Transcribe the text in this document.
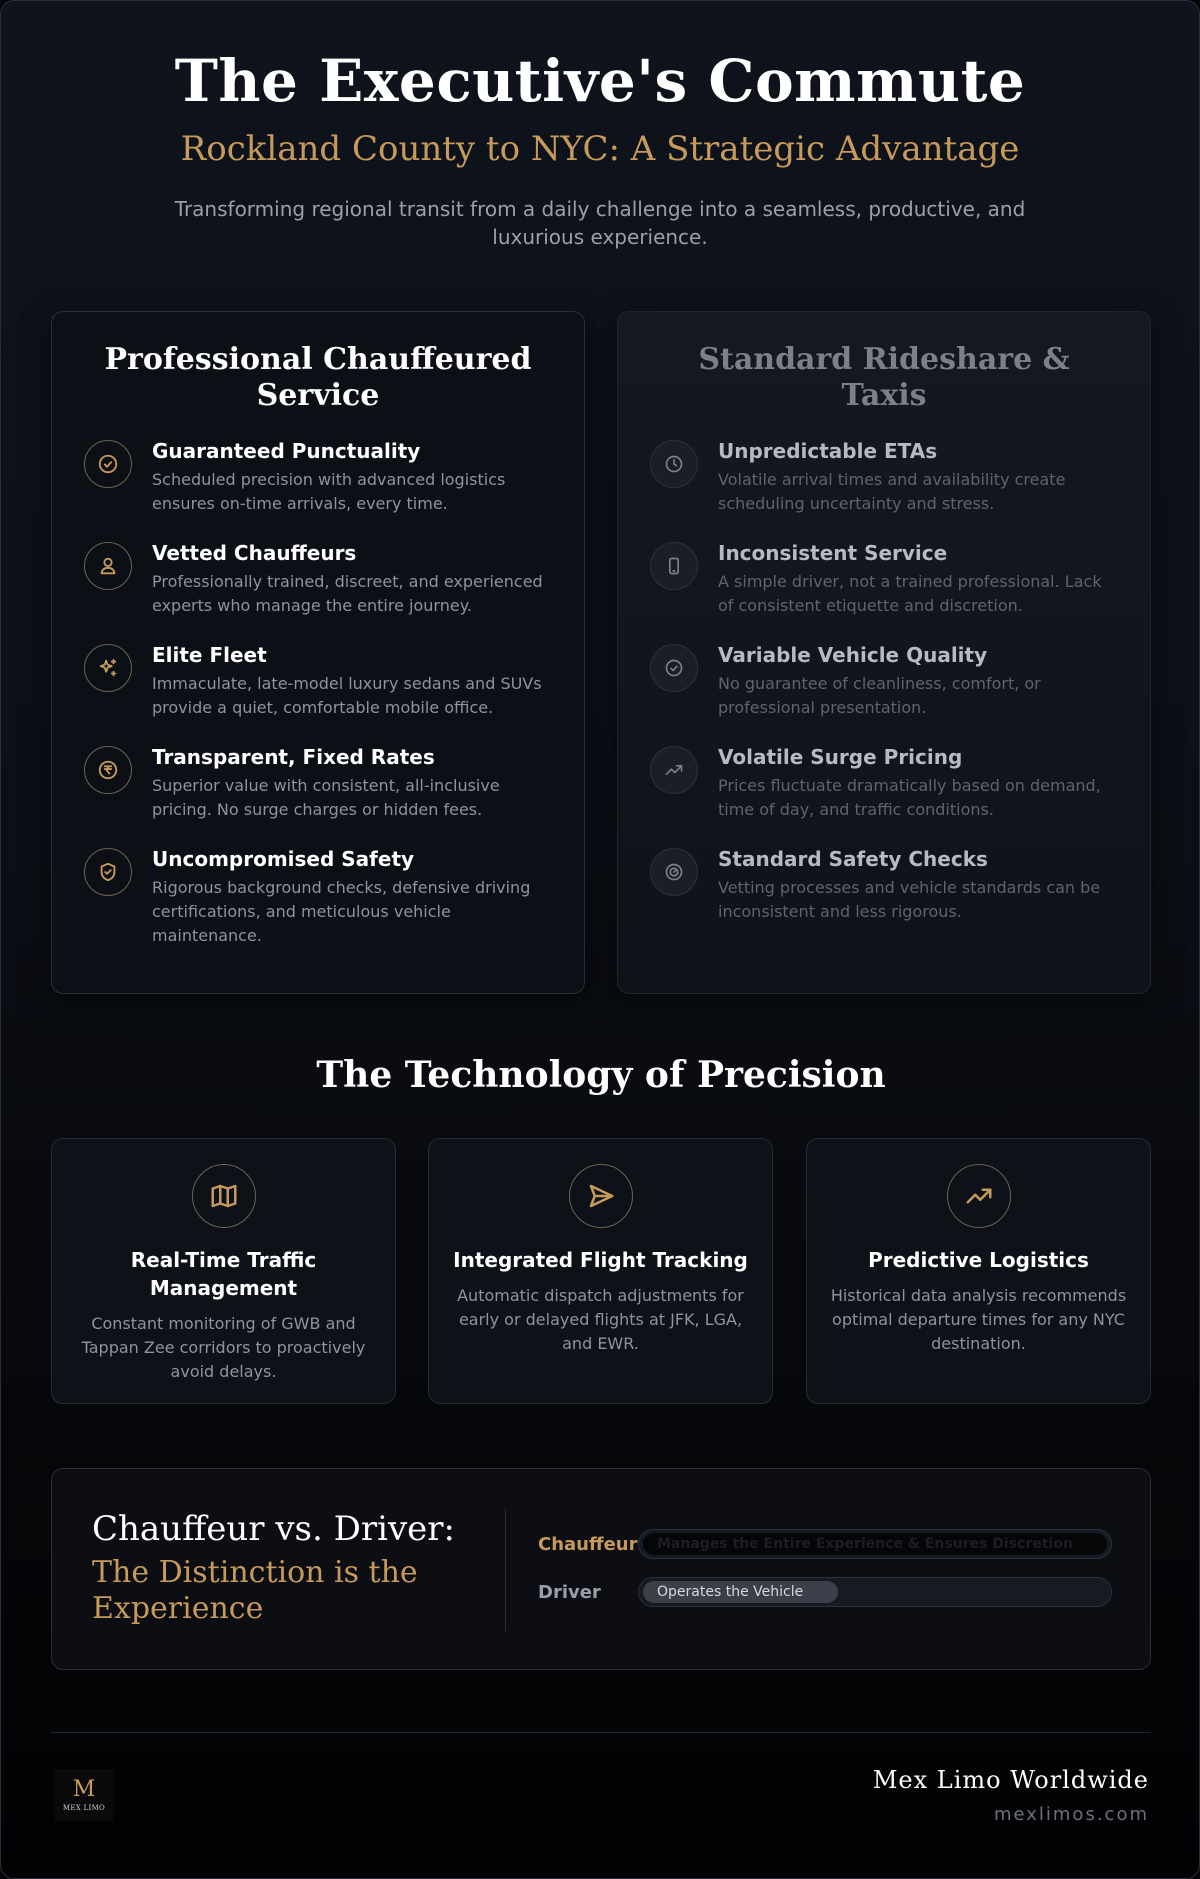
The Executive's Commute
Rockland County to NYC: A Strategic Advantage

Transforming regional transit from a daily challenge into a seamless, productive, and luxurious experience.

Professional Chauffeured Service
Guaranteed Punctuality
Scheduled precision with advanced logistics ensures on-time arrivals, every time.
Vetted Chauffeurs
Professionally trained, discreet, and experienced experts who manage the entire journey.
Elite Fleet
Immaculate, late-model luxury sedans and SUVs provide a quiet, comfortable mobile office.
Transparent, Fixed Rates
Superior value with consistent, all-inclusive pricing. No surge charges or hidden fees.
Uncompromised Safety
Rigorous background checks, defensive driving certifications, and meticulous vehicle maintenance.
Standard Rideshare & Taxis
Unpredictable ETAs
Volatile arrival times and availability create scheduling uncertainty and stress.
Inconsistent Service
A simple driver, not a trained professional. Lack of consistent etiquette and discretion.
Variable Vehicle Quality
No guarantee of cleanliness, comfort, or professional presentation.
Volatile Surge Pricing
Prices fluctuate dramatically based on demand, time of day, and traffic conditions.
Standard Safety Checks
Vetting processes and vehicle standards can be inconsistent and less rigorous.
The Technology of Precision
Real-Time Traffic Management
Constant monitoring of GWB and Tappan Zee corridors to proactively avoid delays.
Integrated Flight Tracking
Automatic dispatch adjustments for early or delayed flights at JFK, LGA, and EWR.
Predictive Logistics
Historical data analysis recommends optimal departure times for any NYC destination.
Chauffeur vs. Driver:
The Distinction is the Experience
Chauffeur Manages the Entire Experience & Ensures Discretion
Driver	Operates the Vehicle
M
MEX LIMO
Mex Limo Worldwide
mexlimos.com
